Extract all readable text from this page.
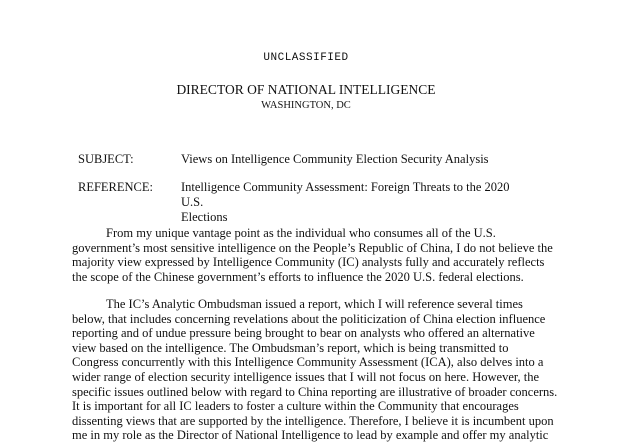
UNCLASSIFIED
DIRECTOR OF NATIONAL INTELLIGENCE
WASHINGTON, DC
SUBJECT:	Views on Intelligence Community Election Security Analysis
REFERENCE: Intelligence Community Assessment: Foreign Threats to the 2020 U.S.
Elections
From my unique vantage point as the individual who consumes all of the U.S.
government’s most sensitive intelligence on the People’s Republic of China, I do not believe the
majority view expressed by Intelligence Community (IC) analysts fully and accurately reflects
the scope of the Chinese government’s efforts to influence the 2020 U.S. federal elections.
The IC’s Analytic Ombudsman issued a report, which I will reference several times
below, that includes concerning revelations about the politicization of China election influence
reporting and of undue pressure being brought to bear on analysts who offered an alternative
view based on the intelligence. The Ombudsman’s report, which is being transmitted to
Congress concurrently with this Intelligence Community Assessment (ICA), also delves into a
wider range of election security intelligence issues that I will not focus on here. However, the
specific issues outlined below with regard to China reporting are illustrative of broader concerns.
It is important for all IC leaders to foster a culture within the Community that encourages
dissenting views that are supported by the intelligence. Therefore, I believe it is incumbent upon
me in my role as the Director of National Intelligence to lead by example and offer my analytic
